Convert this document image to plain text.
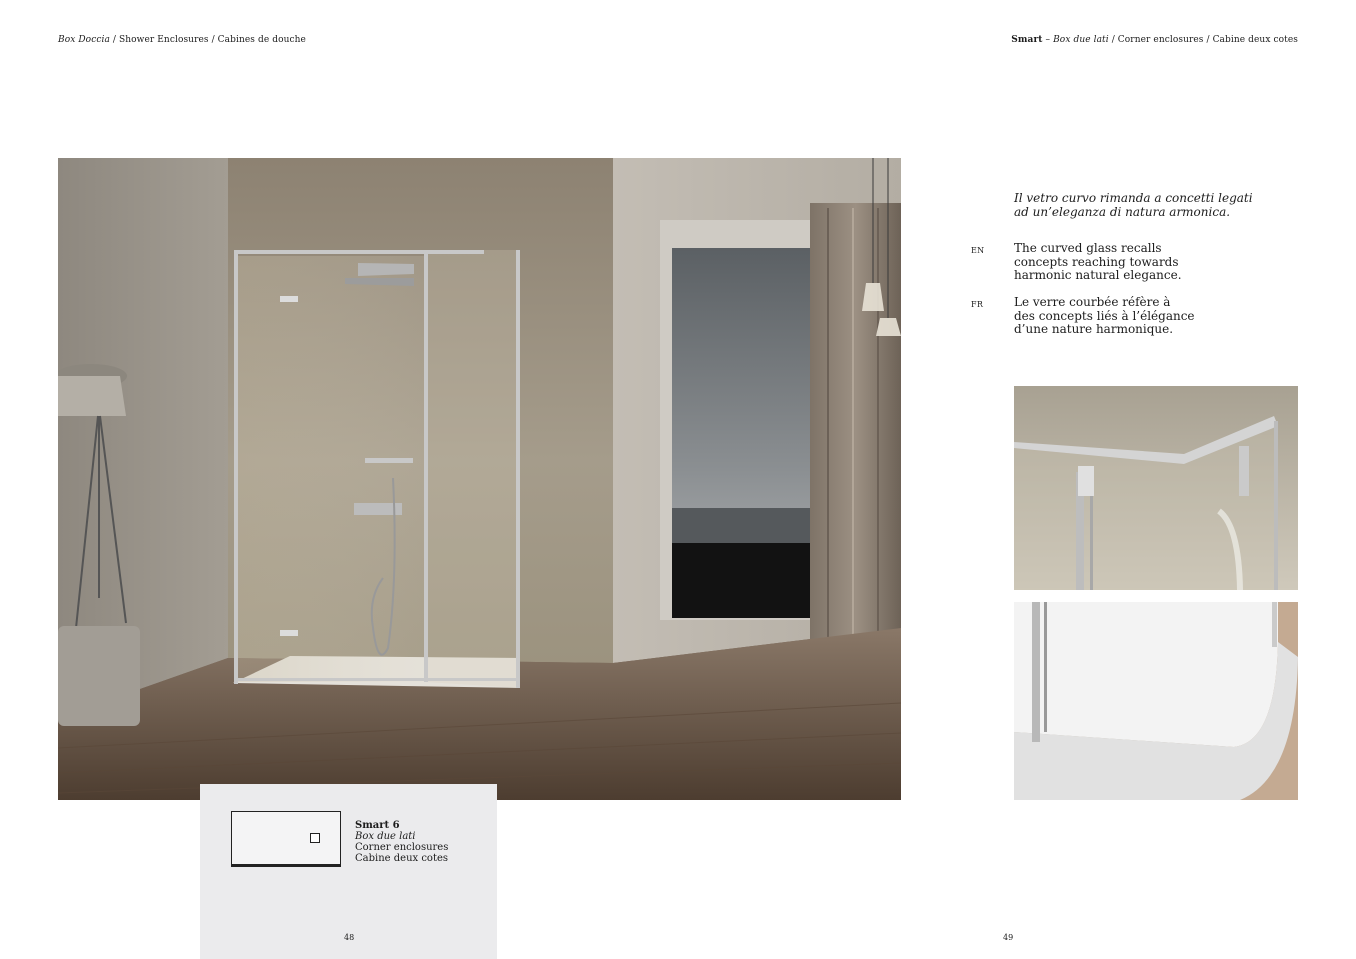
Box Doccia / Shower Enclosures / Cabines de douche	Smart – Box due lati / Corner enclosures / Cabine deux cotes
Smart 6
Box due lati
Corner enclosures
Cabine deux cotes
48	49
Il vetro curvo rimanda a concetti legati
ad un’eleganza di natura armonica.
EN The curved glass recalls
concepts reaching towards
harmonic natural elegance.
FR	Le verre courbée réfère à
des concepts liés à l’élégance
d’une nature harmonique.
